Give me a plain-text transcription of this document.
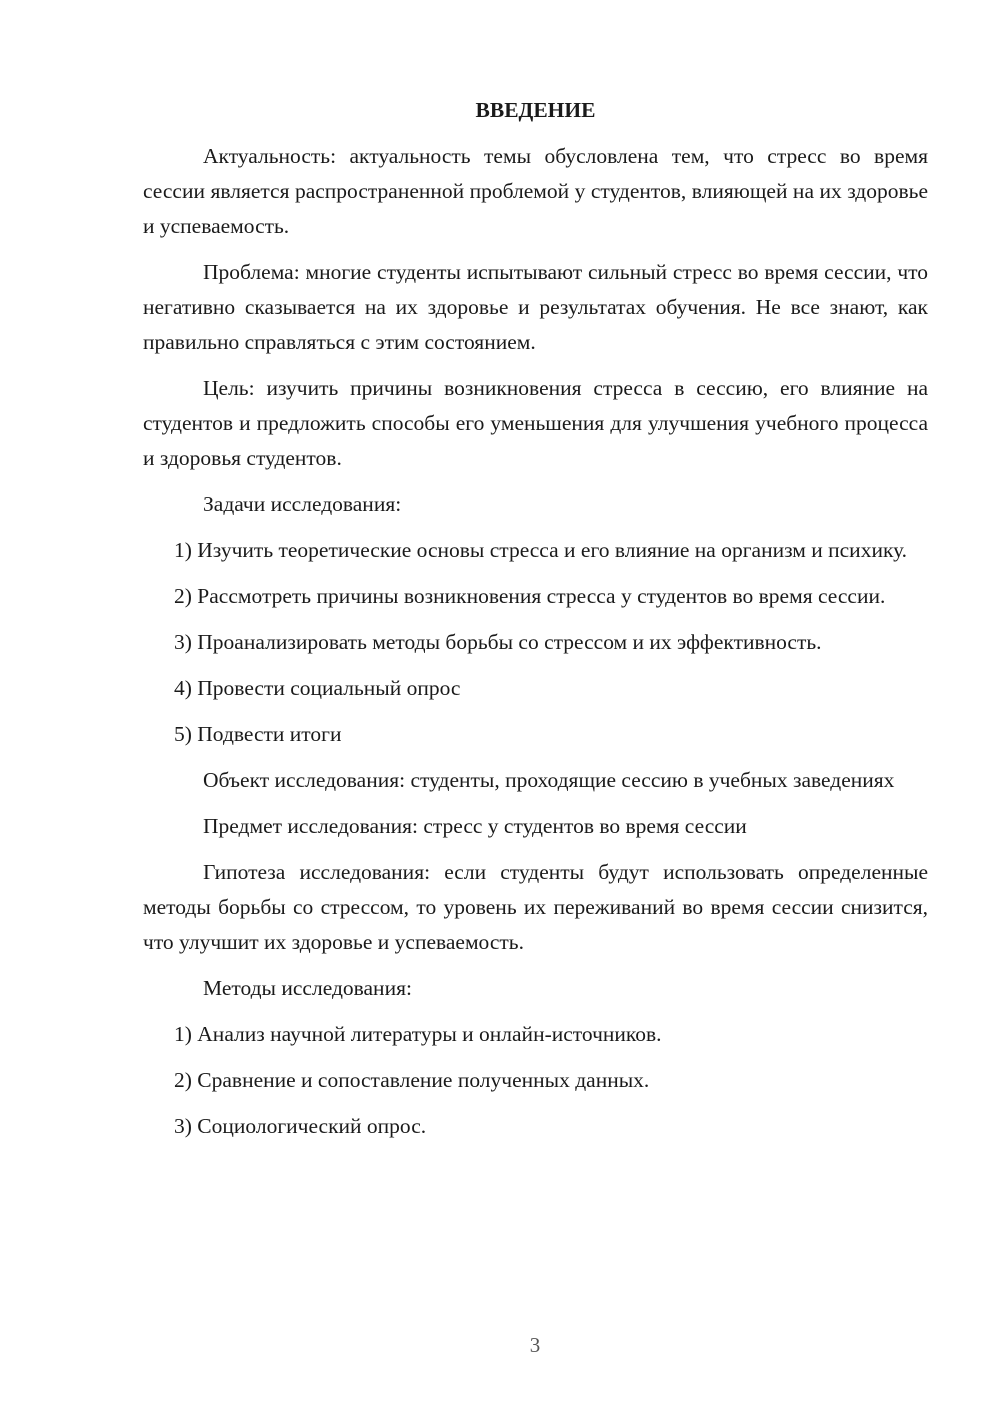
ВВЕДЕНИЕ

Актуальность: актуальность темы обусловлена тем, что стресс во время сессии является распространенной проблемой у студентов, влияющей на их здоровье и успеваемость.

Проблема: многие студенты испытывают сильный стресс во время сессии, что негативно сказывается на их здоровье и результатах обучения. Не все знают, как правильно справляться с этим состоянием.

Цель: изучить причины возникновения стресса в сессию, его влияние на студентов и предложить способы его уменьшения для улучшения учебного процесса и здоровья студентов.

Задачи исследования:

1) Изучить теоретические основы стресса и его влияние на организм и психику.

2) Рассмотреть причины возникновения стресса у студентов во время сессии.

3) Проанализировать методы борьбы со стрессом и их эффективность.

4) Провести социальный опрос

5) Подвести итоги

Объект исследования: студенты, проходящие сессию в учебных заведениях

Предмет исследования: стресс у студентов во время сессии

Гипотеза исследования: если студенты будут использовать определенные методы борьбы со стрессом, то уровень их переживаний во время сессии снизится, что улучшит их здоровье и успеваемость.

Методы исследования:

1) Анализ научной литературы и онлайн-источников.

2) Сравнение и сопоставление полученных данных.

3) Социологический опрос.

3
